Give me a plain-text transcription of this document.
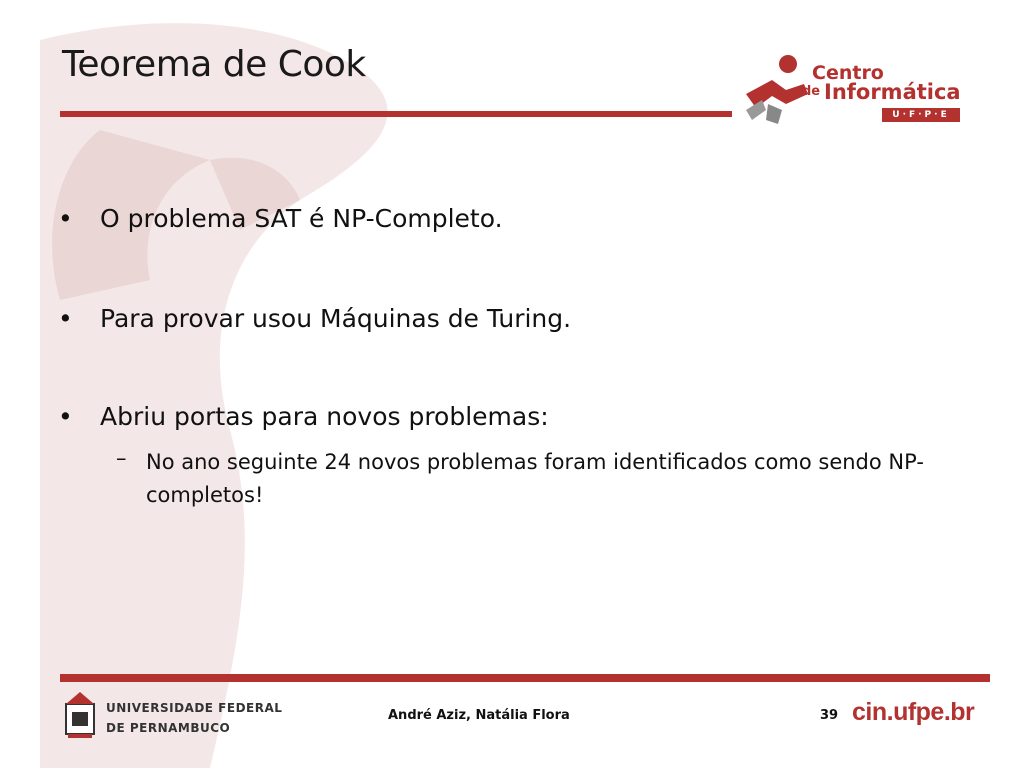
Teorema de Cook	Centro
de Informática
U·F·P·E
• O problema SAT é NP-Completo.
• Para provar usou Máquinas de Turing.
• Abriu portas para novos problemas:
– No ano seguinte 24 novos problemas foram identificados como sendo NP-completos!
UNIVERSIDADE FEDERAL
DE PERNAMBUCO
André Aziz, Natália Flora	39 cin.ufpe.br
